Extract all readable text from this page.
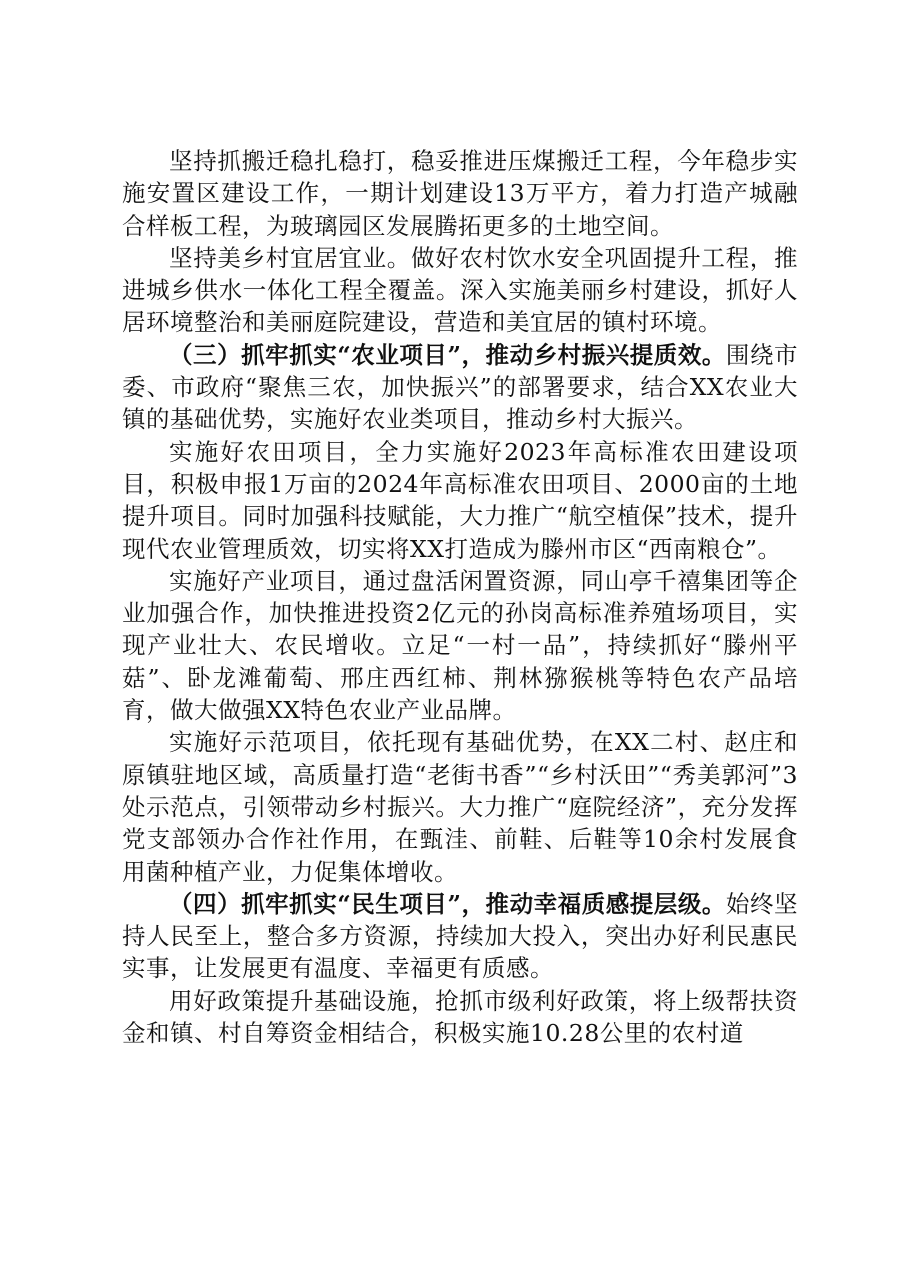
坚持抓搬迁稳扎稳打，稳妥推进压煤搬迁工程，今年稳步实施安置区建设工作，一期计划建设13万平方，着力打造产城融合样板工程，为玻璃园区发展腾拓更多的土地空间。

坚持美乡村宜居宜业。做好农村饮水安全巩固提升工程，推进城乡供水一体化工程全覆盖。深入实施美丽乡村建设，抓好人居环境整治和美丽庭院建设，营造和美宜居的镇村环境。

（三）抓牢抓实“农业项目”，推动乡村振兴提质效。围绕市委、市政府“聚焦三农，加快振兴”的部署要求，结合XX农业大镇的基础优势，实施好农业类项目，推动乡村大振兴。

实施好农田项目，全力实施好2023年高标准农田建设项目，积极申报1万亩的2024年高标准农田项目、2000亩的土地提升项目。同时加强科技赋能，大力推广“航空植保”技术，提升现代农业管理质效，切实将XX打造成为滕州市区“西南粮仓”。

实施好产业项目，通过盘活闲置资源，同山亭千禧集团等企业加强合作，加快推进投资2亿元的孙岗高标准养殖场项目，实现产业壮大、农民增收。立足“一村一品”，持续抓好“滕州平菇”、卧龙滩葡萄、邢庄西红柿、荆林猕猴桃等特色农产品培育，做大做强XX特色农业产业品牌。

实施好示范项目，依托现有基础优势，在XX二村、赵庄和原镇驻地区域，高质量打造“老街书香”“乡村沃田”“秀美郭河”3处示范点，引领带动乡村振兴。大力推广“庭院经济”，充分发挥党支部领办合作社作用，在甄洼、前鞋、后鞋等10余村发展食用菌种植产业，力促集体增收。

（四）抓牢抓实“民生项目”，推动幸福质感提层级。始终坚持人民至上，整合多方资源，持续加大投入，突出办好利民惠民实事，让发展更有温度、幸福更有质感。

用好政策提升基础设施，抢抓市级利好政策，将上级帮扶资金和镇、村自筹资金相结合，积极实施10.28公里的农村道
